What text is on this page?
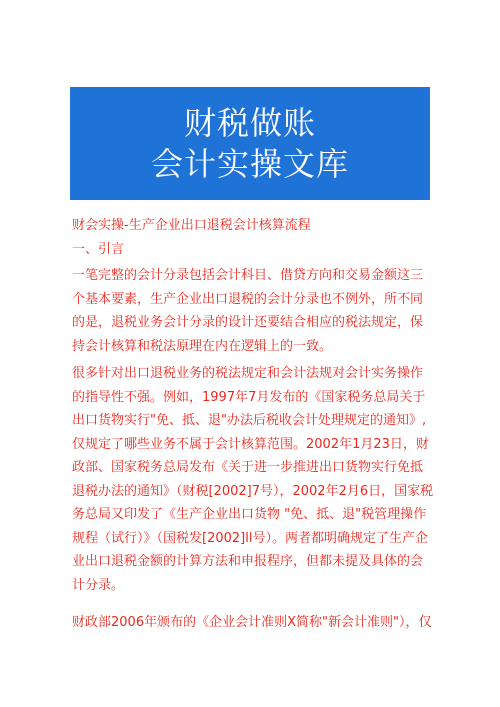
财税做账
会计实操文库

财会实操-生产企业出口退税会计核算流程

一、引言

一笔完整的会计分录包括会计科目、借贷方向和交易金额这三个基本要素，生产企业出口退税的会计分录也不例外，所不同的是，退税业务会计分录的设计还要结合相应的税法规定，保持会计核算和税法原理在内在逻辑上的一致。

很多针对出口退税业务的税法规定和会计法规对会计实务操作的指导性不强。例如，1997年7月发布的《国家税务总局关于出口货物实行"免、抵、退"办法后税收会计处理规定的通知》,仅规定了哪些业务不属于会计核算范围。2002年1月23日，财政部、国家税务总局发布《关于进一步推进出口货物实行免抵退税办法的通知》（财税[2002]7号），2002年2月6日，国家税务总局又印发了《生产企业出口货物 "免、抵、退"税管理操作规程（试行）》（国税发[2002]ll号）。两者都明确规定了生产企业出口退税金额的计算方法和申报程序，但都未提及具体的会计分录。

财政部2006年颁布的《企业会计准则X简称"新会计准则"），仅
